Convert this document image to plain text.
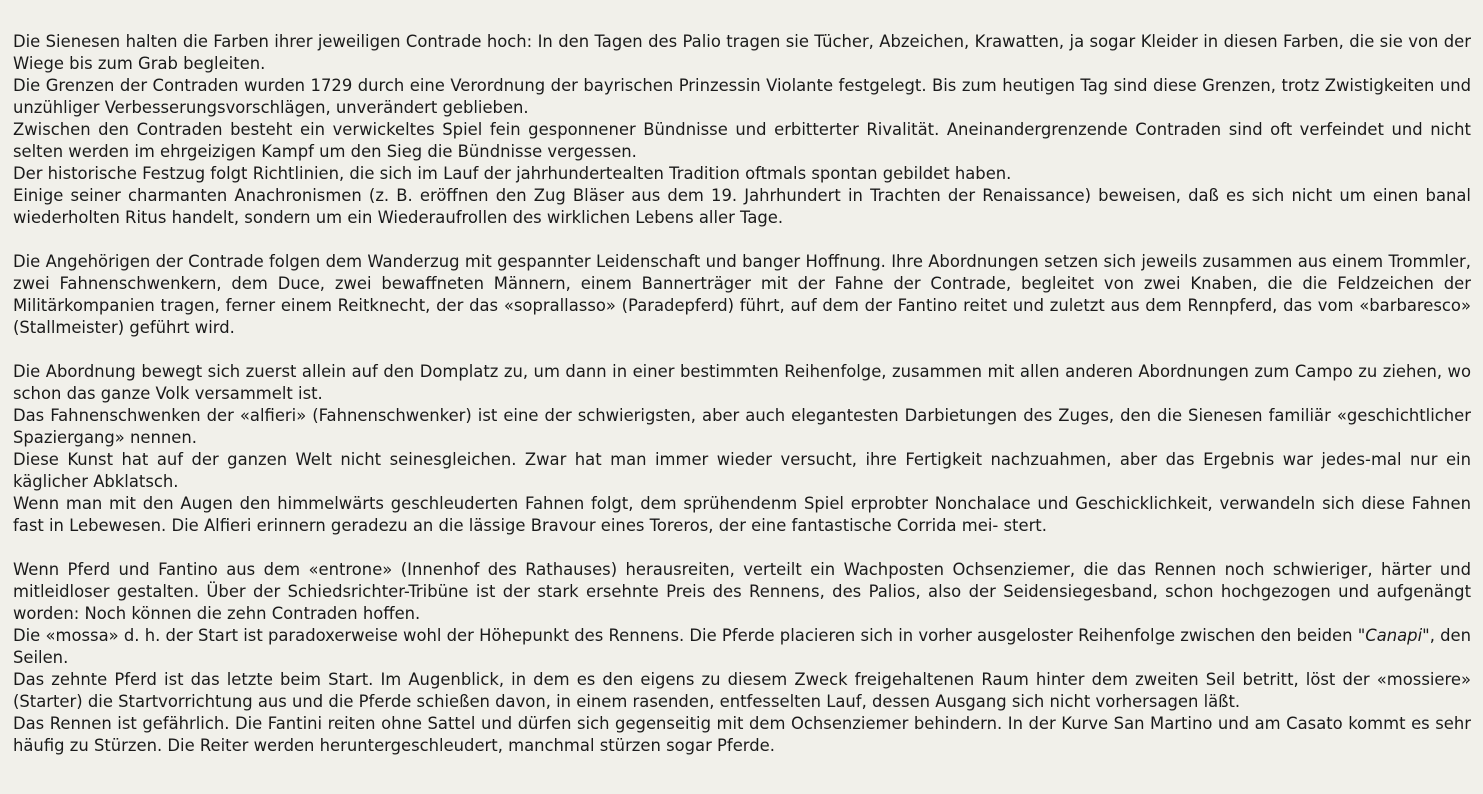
Die Sienesen halten die Farben ihrer jeweiligen Contrade hoch: In den Tagen des Palio tragen sie Tücher, Abzeichen, Krawatten, ja sogar Kleider in diesen Farben, die sie von der Wiege bis zum Grab begleiten.

Die Grenzen der Contraden wurden 1729 durch eine Verordnung der bayrischen Prinzessin Violante festgelegt. Bis zum heutigen Tag sind diese Grenzen, trotz Zwistigkeiten und unzühliger Verbesserungsvorschlägen, unverändert geblieben.

Zwischen den Contraden besteht ein verwickeltes Spiel fein gesponnener Bündnisse und erbitterter Rivalität. Aneinandergrenzende Contraden sind oft verfeindet und nicht selten werden im ehrgeizigen Kampf um den Sieg die Bündnisse vergessen.

Der historische Festzug folgt Richtlinien, die sich im Lauf der jahrhundertealten Tradition oftmals spontan gebildet haben.

Einige seiner charmanten Anachronismen (z. B. eröffnen den Zug Bläser aus dem 19. Jahrhundert in Trachten der Renaissance) beweisen, daß es sich nicht um einen banal wiederholten Ritus handelt, sondern um ein Wiederaufrollen des wirklichen Lebens aller Tage.

Die Angehörigen der Contrade folgen dem Wanderzug mit gespannter Leidenschaft und banger Hoffnung. Ihre Abordnungen setzen sich jeweils zusammen aus einem Trommler, zwei Fahnenschwenkern, dem Duce, zwei bewaffneten Männern, einem Bannerträger mit der Fahne der Contrade, begleitet von zwei Knaben, die die Feldzeichen der Militärkompanien tragen, ferner einem Reitknecht, der das «soprallasso» (Paradepferd) führt, auf dem der Fantino reitet und zuletzt aus dem Rennpferd, das vom «barbaresco» (Stallmeister) geführt wird.

Die Abordnung bewegt sich zuerst allein auf den Domplatz zu, um dann in einer bestimmten Reihenfolge, zusammen mit allen anderen Abordnungen zum Campo zu ziehen, wo schon das ganze Volk versammelt ist.

Das Fahnenschwenken der «alfieri» (Fahnenschwenker) ist eine der schwierigsten, aber auch elegantesten Darbietungen des Zuges, den die Sienesen familiär «geschichtlicher Spaziergang» nennen.

Diese Kunst hat auf der ganzen Welt nicht seinesgleichen. Zwar hat man immer wieder versucht, ihre Fertigkeit nachzuahmen, aber das Ergebnis war jedes-mal nur ein käglicher Abklatsch.

Wenn man mit den Augen den himmelwärts geschleuderten Fahnen folgt, dem sprühendenm Spiel erprobter Nonchalace und Geschicklichkeit, verwandeln sich diese Fahnen fast in Lebewesen. Die Alfieri erinnern geradezu an die lässige Bravour eines Toreros, der eine fantastische Corrida mei- stert.

Wenn Pferd und Fantino aus dem «entrone» (Innenhof des Rathauses) herausreiten, verteilt ein Wachposten Ochsenziemer, die das Rennen noch schwieriger, härter und mitleidloser gestalten. Über der Schiedsrichter-Tribüne ist der stark ersehnte Preis des Rennens, des Palios, also der Seidensiegesband, schon hochgezogen und aufgenängt worden: Noch können die zehn Contraden hoffen.

Die «mossa» d. h. der Start ist paradoxerweise wohl der Höhepunkt des Rennens. Die Pferde placieren sich in vorher ausgeloster Reihenfolge zwischen den beiden "Canapi", den Seilen.

Das zehnte Pferd ist das letzte beim Start. Im Augenblick, in dem es den eigens zu diesem Zweck freigehaltenen Raum hinter dem zweiten Seil betritt, löst der «mossiere» (Starter) die Startvorrichtung aus und die Pferde schießen davon, in einem rasenden, entfesselten Lauf, dessen Ausgang sich nicht vorhersagen läßt.

Das Rennen ist gefährlich. Die Fantini reiten ohne Sattel und dürfen sich gegenseitig mit dem Ochsenziemer behindern. In der Kurve San Martino und am Casato kommt es sehr häufig zu Stürzen. Die Reiter werden heruntergeschleudert, manchmal stürzen sogar Pferde.
